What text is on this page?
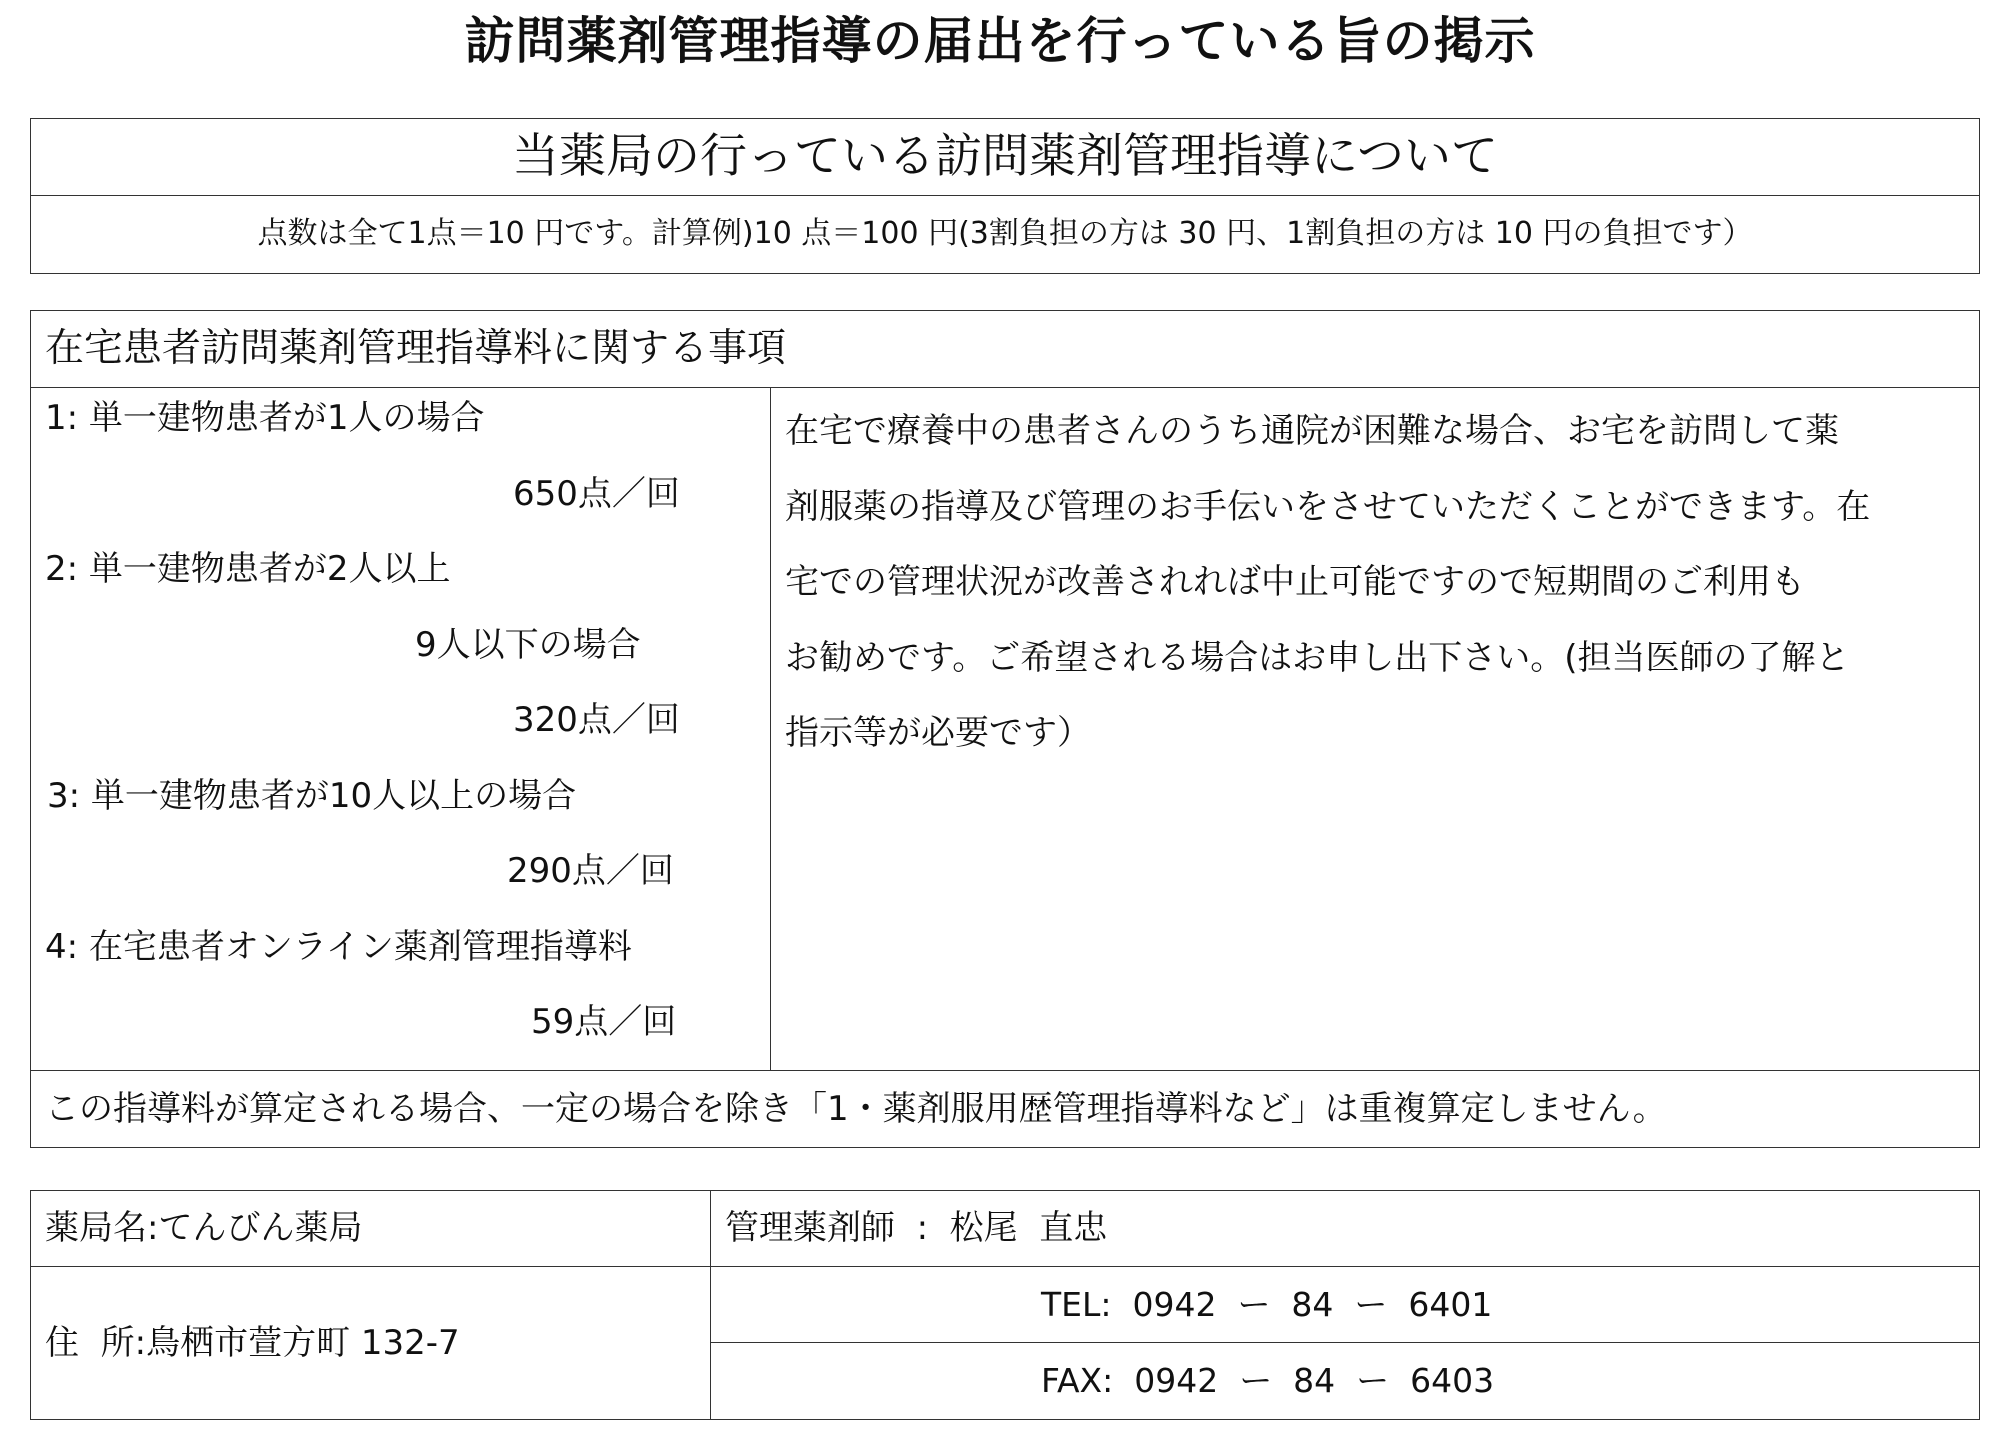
訪問薬剤管理指導の届出を行っている旨の掲示
当薬局の行っている訪問薬剤管理指導について
点数は全て1点＝10 円です。計算例)10 点＝100 円(3割負担の方は 30 円、1割負担の方は 10 円の負担です）
在宅患者訪問薬剤管理指導料に関する事項
1: 単一建物患者が1人の場合
650点／回
2: 単一建物患者が2人以上
9人以下の場合
320点／回
3: 単一建物患者が10人以上の場合
290点／回
4: 在宅患者オンライン薬剤管理指導料
59点／回
在宅で療養中の患者さんのうち通院が困難な場合、お宅を訪問して薬
剤服薬の指導及び管理のお手伝いをさせていただくことができます。在
宅での管理状況が改善されれば中止可能ですので短期間のご利用も
お勧めです。ご希望される場合はお申し出下さい。(担当医師の了解と
指示等が必要です）
この指導料が算定される場合、一定の場合を除き「1・薬剤服用歴管理指導料など」は重複算定しません。
薬局名:てんびん薬局	管理薬剤師  :  松尾  直忠
住  所:鳥栖市萱方町 132-7
TEL:  0942  ー  84  ー  6401
FAX:  0942  ー  84  ー  6403
